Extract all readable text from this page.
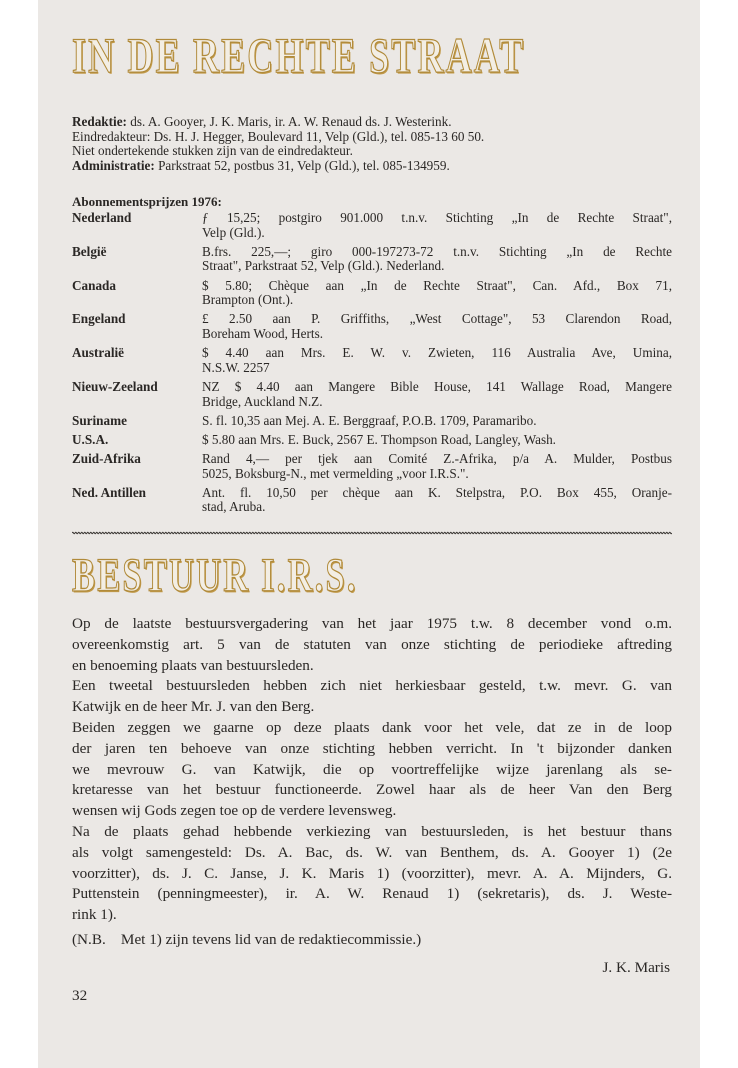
IN DE RECHTE STRAAT
Redaktie: ds. A. Gooyer, J. K. Maris, ir. A. W. Renaud ds. J. Westerink.
Eindredakteur: Ds. H. J. Hegger, Boulevard 11, Velp (Gld.), tel. 085-13 60 50.
Niet ondertekende stukken zijn van de eindredakteur.
Administratie: Parkstraat 52, postbus 31, Velp (Gld.), tel. 085-134959.
Abonnementsprijzen 1976:
Nederland	ƒ 15,25; postgiro 901.000 t.n.v. Stichting „In de Rechte Straat",
Velp (Gld.).
België	B.frs. 225,—; giro 000-197273-72 t.n.v. Stichting „In de Rechte
Straat", Parkstraat 52, Velp (Gld.). Nederland.
Canada	$ 5.80; Chèque aan „In de Rechte Straat", Can. Afd., Box 71,
Brampton (Ont.).
Engeland	£ 2.50 aan P. Griffiths, „West Cottage", 53 Clarendon Road,
Boreham Wood, Herts.
Australië	$ 4.40 aan Mrs. E. W. v. Zwieten, 116 Australia Ave, Umina,
N.S.W. 2257
Nieuw-Zeeland	NZ $ 4.40 aan Mangere Bible House, 141 Wallage Road, Mangere
Bridge, Auckland N.Z.
Suriname	S. fl. 10,35 aan Mej. A. E. Berggraaf, P.O.B. 1709, Paramaribo.
U.S.A.	$ 5.80 aan Mrs. E. Buck, 2567 E. Thompson Road, Langley, Wash.
Zuid-Afrika	Rand 4,— per tjek aan Comité Z.-Afrika, p/a A. Mulder, Postbus
5025, Boksburg-N., met vermelding „voor I.R.S.".
Ned. Antillen	Ant. fl. 10,50 per chèque aan K. Stelpstra, P.O. Box 455, Oranje-
stad, Aruba.
BESTUUR I.R.S.
Op de laatste bestuursvergadering van het jaar 1975 t.w. 8 december vond o.m.
overeenkomstig art. 5 van de statuten van onze stichting de periodieke aftreding
en benoeming plaats van bestuursleden.
Een tweetal bestuursleden hebben zich niet herkiesbaar gesteld, t.w. mevr. G. van
Katwijk en de heer Mr. J. van den Berg.
Beiden zeggen we gaarne op deze plaats dank voor het vele, dat ze in de loop
der jaren ten behoeve van onze stichting hebben verricht. In 't bijzonder danken
we mevrouw G. van Katwijk, die op voortreffelijke wijze jarenlang als se-
kretaresse van het bestuur functioneerde. Zowel haar als de heer Van den Berg
wensen wij Gods zegen toe op de verdere levensweg.
Na de plaats gehad hebbende verkiezing van bestuursleden, is het bestuur thans
als volgt samengesteld: Ds. A. Bac, ds. W. van Benthem, ds. A. Gooyer 1) (2e
voorzitter), ds. J. C. Janse, J. K. Maris 1) (voorzitter), mevr. A. A. Mijnders, G.
Puttenstein (penningmeester), ir. A. W. Renaud 1) (sekretaris), ds. J. Weste-
rink 1).
(N.B.    Met 1) zijn tevens lid van de redaktiecommissie.)
J. K. Maris
32
